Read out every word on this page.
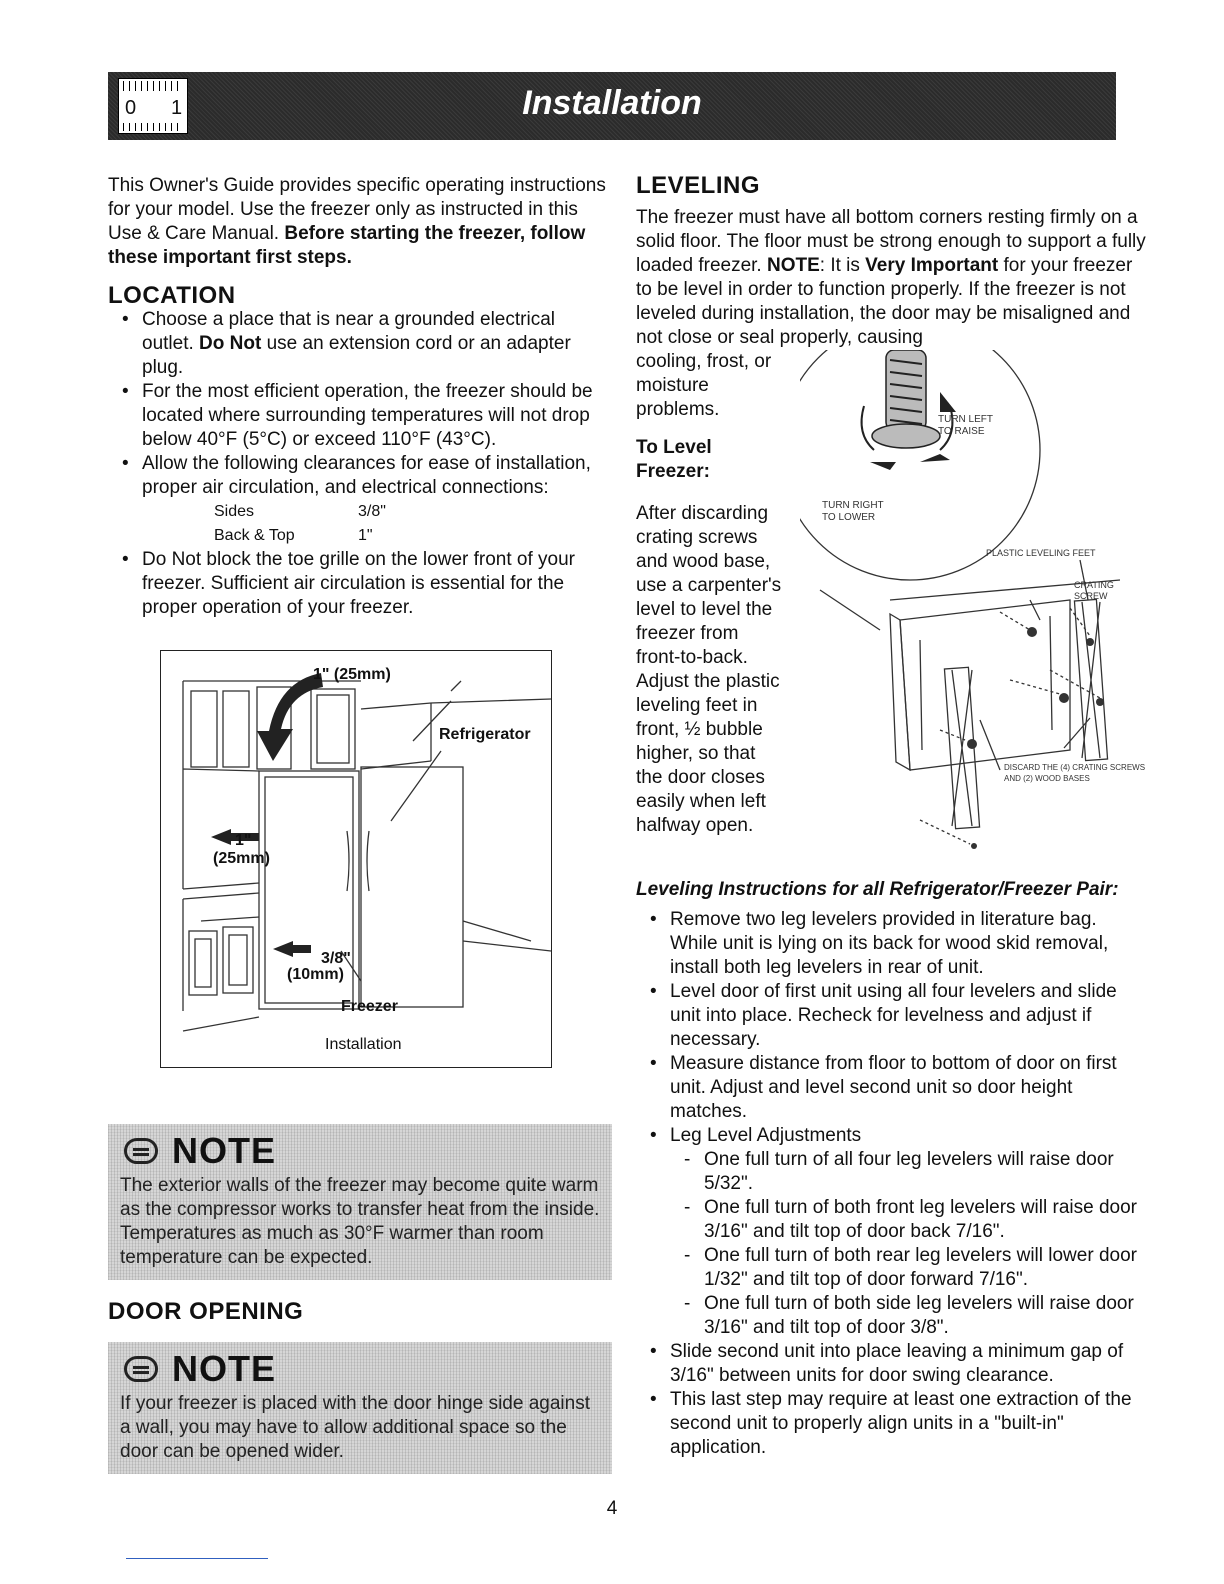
0 1	Installation

This Owner's Guide provides specific operating instructions for your model. Use the freezer only as instructed in this Use & Care Manual. Before starting the freezer, follow these important first steps.

LOCATION
• Choose a place that is near a grounded electrical outlet. Do Not use an extension cord or an adapter plug.
• For the most efficient operation, the freezer should be located where surrounding temperatures will not drop below 40°F (5°C) or exceed 110°F (43°C).
• Allow the following clearances for ease of installation, proper air circulation, and electrical connections:
Sides	3/8"
Back & Top	1"
• Do Not block the toe grille on the lower front of your freezer. Sufficient air circulation is essential for the proper operation of your freezer.
1" (25mm)
Refrigerator
1"
(25mm)
3/8"
(10mm)
Freezer
Installation
NOTE
The exterior walls of the freezer may become quite warm as the compressor works to transfer heat from the inside. Temperatures as much as 30°F warmer than room temperature can be expected.
DOOR OPENING
NOTE
If your freezer is placed with the door hinge side against a wall, you may have to allow additional space so the door can be opened wider.
LEVELING

The freezer must have all bottom corners resting firmly on a solid floor. The floor must be strong enough to support a fully loaded freezer. NOTE: It is Very Important for your freezer to be level in order to function properly. If the freezer is not leveled during installation, the door may be misaligned and not close or seal properly, causing

cooling, frost, or moisture problems.

To Level Freezer:

After discarding crating screws and wood base, use a carpenter's level to level the freezer from front-to-back. Adjust the plastic leveling feet in front, ½ bubble higher, so that the door closes easily when left halfway open.

TURN LEFT TO RAISE
TURN RIGHT TO LOWER
PLASTIC LEVELING FEET
CRATING SCREW
DISCARD THE (4) CRATING SCREWS AND (2) WOOD BASES

Leveling Instructions for all Refrigerator/Freezer Pair:

• Remove two leg levelers provided in literature bag. While unit is lying on its back for wood skid removal, install both leg levelers in rear of unit.
• Level door of first unit using all four levelers and slide unit into place. Recheck for levelness and adjust if necessary.
• Measure distance from floor to bottom of door on first unit. Adjust and level second unit so door height matches.
• Leg Level Adjustments
- One full turn of all four leg levelers will raise door 5/32".
- One full turn of both front leg levelers will raise door 3/16" and tilt top of door back 7/16".
- One full turn of both rear leg levelers will lower door 1/32" and tilt top of door forward 7/16".
- One full turn of both side leg levelers will raise door 3/16" and tilt top of door 3/8".
• Slide second unit into place leaving a minimum gap of 3/16" between units for door swing clearance.
• This last step may require at least one extraction of the second unit to properly align units in a "built-in" application.
4
